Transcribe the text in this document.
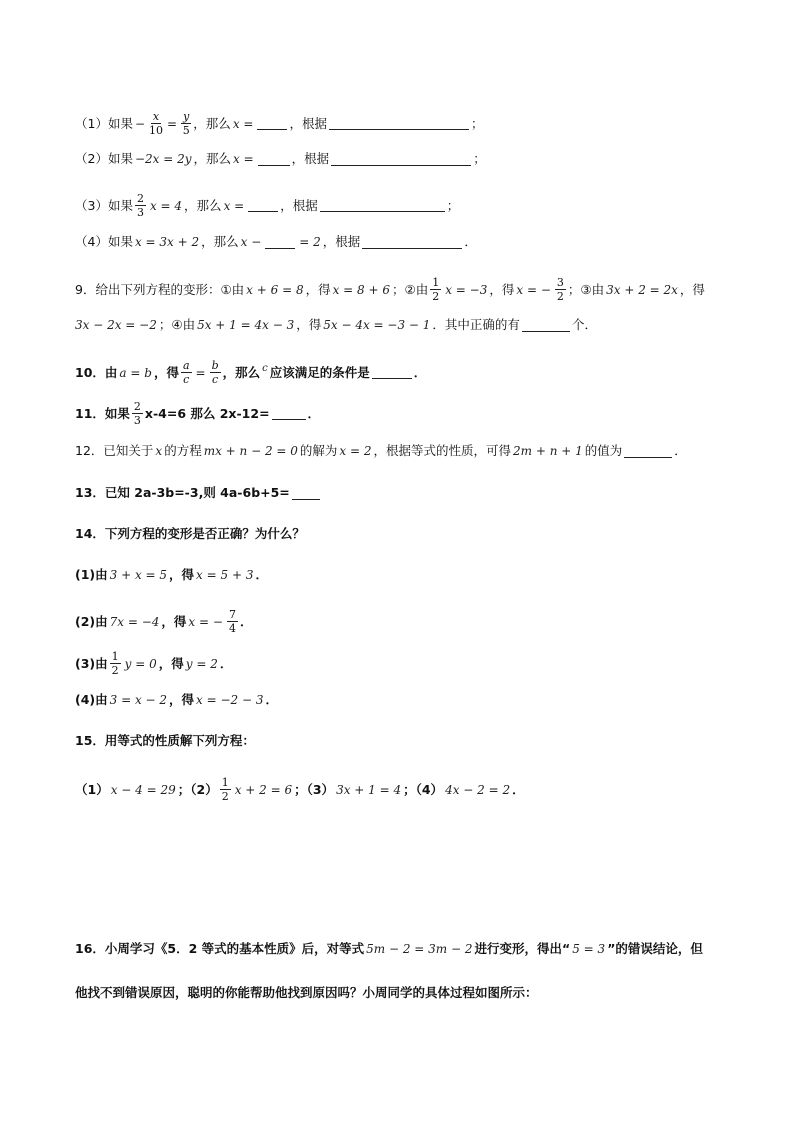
（1）如果 − $\frac{x}{10} = \frac{y}{5}$ ，那么 x =	，根据	；
（2）如果 −2x = 2y ，那么 x =	，根据	；
（3）如果 $\frac{2}{3}$ x = 4 ，那么 x =	，根据	；
（4）如果 x = 3x + 2 ，那么 x −	= 2 ，根据	．
9．给出下列方程的变形：①由 x + 6 = 8 ，得 x = 8 + 6 ；②由 $\frac{1}{2}$ x = −3 ，得 x = − $\frac{3}{2}$ ；③由 3x + 2 = 2x ，得
3x − 2x = −2 ；④由 5x + 1 = 4x − 3 ，得 5x − 4x = −3 − 1 ．其中正确的有	个．
10．由 a = b ，得 $\frac{a}{c} = \frac{b}{c}$ ，那么 c 应该满足的条件是	．
11．如果 $\frac{2}{3} x-4=6$ 那么 2x-12=	．
12．已知关于 x 的方程 mx + n − 2 = 0 的解为 x = 2 ，根据等式的性质，可得 2m + n + 1 的值为	．
13．已知 2a-3b=-3,则 4a-6b+5=
14．下列方程的变形是否正确？为什么？
(1)由 3 + x = 5 ，得 x = 5 + 3 ．
(2)由 7x = −4 ，得 x = − $\frac{7}{4}$ ．
(3)由 $\frac{1}{2}$ y = 0 ，得 y = 2 ．
(4)由 3 = x − 2 ，得 x = −2 − 3 ．
15．用等式的性质解下列方程：
（1） x − 4 = 29 ；$(2) \frac{1}{2}$ x + 2 = 6 ；（3） 3x + 1 = 4 ；（4） 4x − 2 = 2 ．
16．小周学习《5．2 等式的基本性质》后，对等式 5m − 2 = 3m − 2 进行变形，得出“ 5 = 3 ”的错误结论，但
他找不到错误原因，聪明的你能帮助他找到原因吗？小周同学的具体过程如图所示：
